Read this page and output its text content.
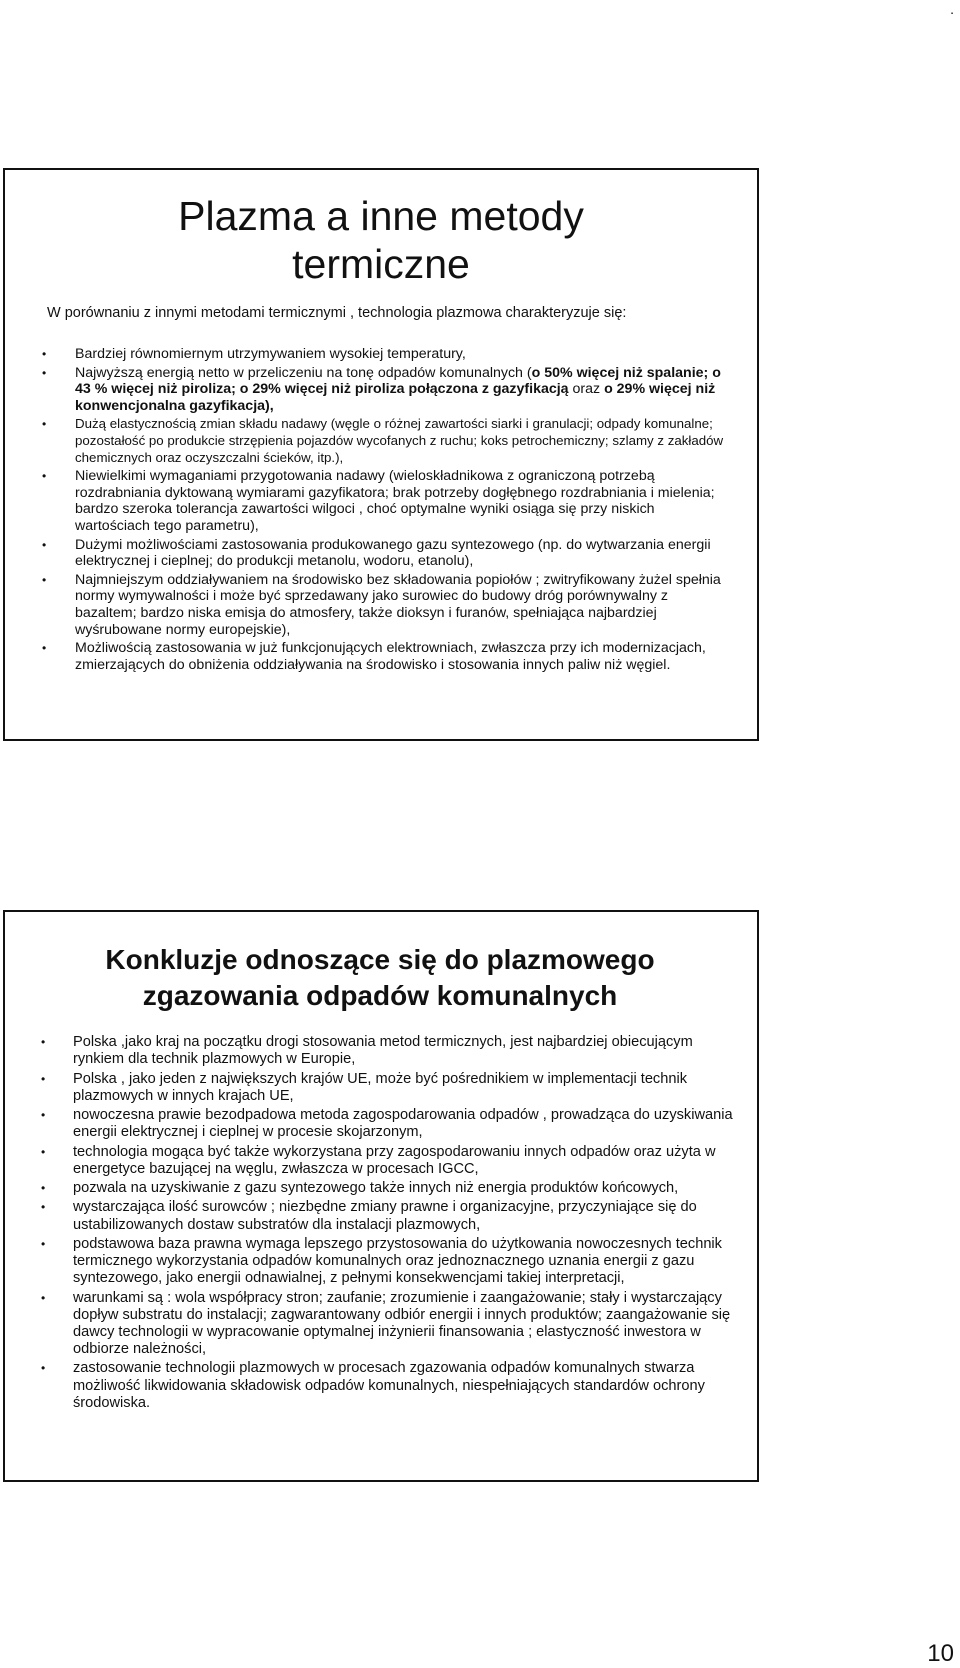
.
Plazma a inne metody
termiczne
W porównaniu z innymi metodami termicznymi , technologia plazmowa charakteryzuje się:
• Bardziej równomiernym utrzymywaniem wysokiej temperatury,
• Najwyższą energią netto w przeliczeniu na tonę odpadów komunalnych (o 50% więcej niż spalanie; o 43 % więcej niż piroliza; o 29% więcej niż piroliza połączona z gazyfikacją oraz o 29% więcej niż konwencjonalna gazyfikacja),
• Dużą elastycznością zmian składu nadawy (węgle o różnej zawartości siarki i granulacji; odpady komunalne; pozostałość po produkcie strzępienia pojazdów wycofanych z ruchu; koks petrochemiczny; szlamy z zakładów chemicznych oraz oczyszczalni ścieków, itp.),
• Niewielkimi wymaganiami przygotowania nadawy (wieloskładnikowa z ograniczoną potrzebą rozdrabniania dyktowaną wymiarami gazyfikatora; brak potrzeby dogłębnego rozdrabniania i mielenia; bardzo szeroka tolerancja zawartości wilgoci , choć optymalne wyniki osiąga się przy niskich wartościach tego parametru),
• Dużymi możliwościami zastosowania produkowanego gazu syntezowego (np. do wytwarzania energii elektrycznej i cieplnej; do produkcji metanolu, wodoru, etanolu),
• Najmniejszym oddziaływaniem na środowisko bez składowania popiołów ; zwitryfikowany żużel spełnia normy wymywalności i może być sprzedawany jako surowiec do budowy dróg porównywalny z bazaltem; bardzo niska emisja do atmosfery, także dioksyn i furanów, spełniająca najbardziej wyśrubowane normy europejskie),
• Możliwością zastosowania w już funkcjonujących elektrowniach, zwłaszcza przy ich modernizacjach, zmierzających do obniżenia oddziaływania na środowisko i stosowania innych paliw niż węgiel.
Konkluzje odnoszące się do plazmowego
zgazowania odpadów komunalnych
• Polska ,jako kraj na początku drogi stosowania metod termicznych, jest najbardziej obiecującym rynkiem dla technik plazmowych w Europie,
• Polska , jako jeden z największych krajów UE, może być pośrednikiem w implementacji technik plazmowych w innych krajach UE,
• nowoczesna prawie bezodpadowa metoda zagospodarowania odpadów , prowadząca do uzyskiwania energii elektrycznej i cieplnej w procesie skojarzonym,
• technologia mogąca być także wykorzystana przy zagospodarowaniu innych odpadów oraz użyta w energetyce bazującej na węglu, zwłaszcza w procesach IGCC,
• pozwala na uzyskiwanie z gazu syntezowego także innych niż energia produktów końcowych,
• wystarczająca ilość surowców ; niezbędne zmiany prawne i organizacyjne, przyczyniające się do ustabilizowanych dostaw substratów dla instalacji plazmowych,
• podstawowa baza prawna wymaga lepszego przystosowania do użytkowania nowoczesnych technik termicznego wykorzystania odpadów komunalnych oraz jednoznacznego uznania energii z gazu syntezowego, jako energii odnawialnej, z pełnymi konsekwencjami takiej interpretacji,
• warunkami są : wola współpracy stron; zaufanie; zrozumienie i zaangażowanie; stały i wystarczający dopływ substratu do instalacji; zagwarantowany odbiór energii i innych produktów; zaangażowanie się dawcy technologii w wypracowanie optymalnej inżynierii finansowania ; elastyczność inwestora w odbiorze należności,
• zastosowanie technologii plazmowych w procesach zgazowania odpadów komunalnych stwarza możliwość likwidowania składowisk odpadów komunalnych, niespełniających standardów ochrony środowiska.
10
